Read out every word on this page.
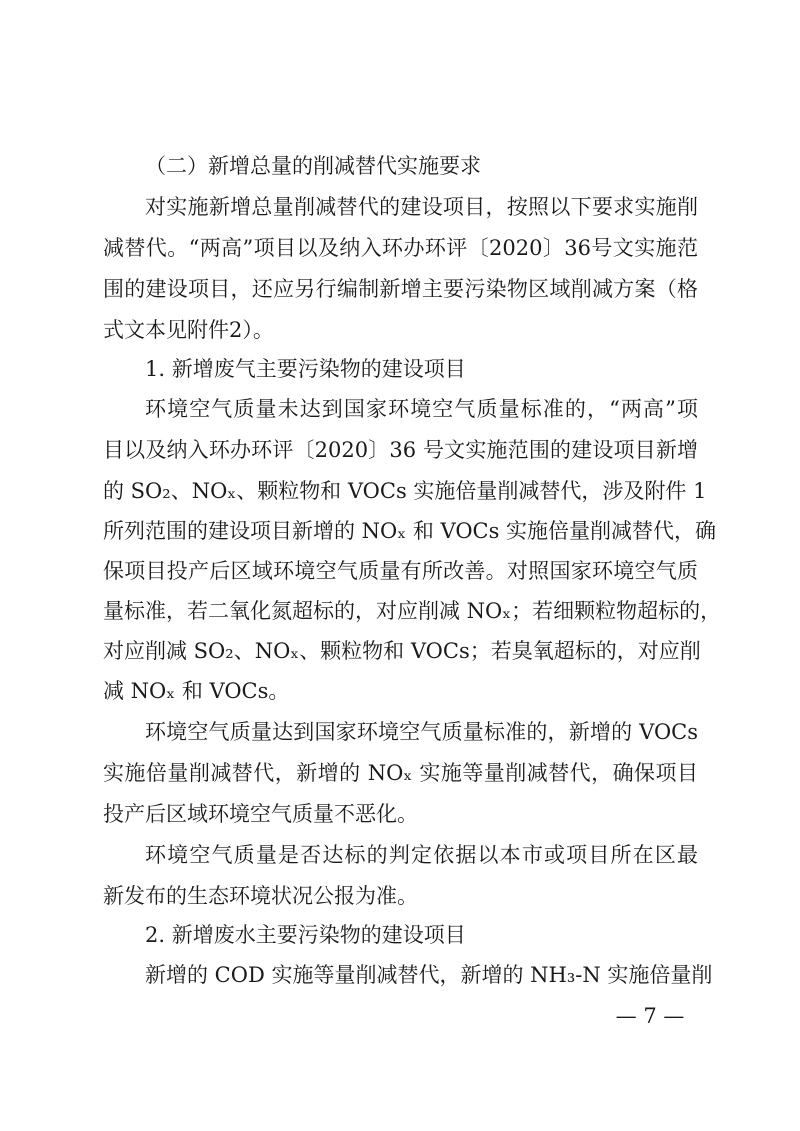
（二）新增总量的削减替代实施要求
对实施新增总量削减替代的建设项目，按照以下要求实施削
减替代。“两高”项目以及纳入环办环评〔2020〕36号文实施范
围的建设项目，还应另行编制新增主要污染物区域削减方案（格
式文本见附件2）。
1. 新增废气主要污染物的建设项目
环境空气质量未达到国家环境空气质量标准的，“两高”项
目以及纳入环办环评〔2020〕36 号文实施范围的建设项目新增
的 SO₂、NOₓ、颗粒物和 VOCs 实施倍量削减替代，涉及附件 1
所列范围的建设项目新增的 NOₓ 和 VOCs 实施倍量削减替代，确
保项目投产后区域环境空气质量有所改善。对照国家环境空气质
量标准，若二氧化氮超标的，对应削减 NOₓ；若细颗粒物超标的，
对应削减 SO₂、NOₓ、颗粒物和 VOCs；若臭氧超标的，对应削
减 NOₓ 和 VOCs。
环境空气质量达到国家环境空气质量标准的，新增的 VOCs
实施倍量削减替代，新增的 NOₓ 实施等量削减替代，确保项目
投产后区域环境空气质量不恶化。
环境空气质量是否达标的判定依据以本市或项目所在区最
新发布的生态环境状况公报为准。
2. 新增废水主要污染物的建设项目
新增的 COD 实施等量削减替代，新增的 NH₃-N 实施倍量削
— 7 —
